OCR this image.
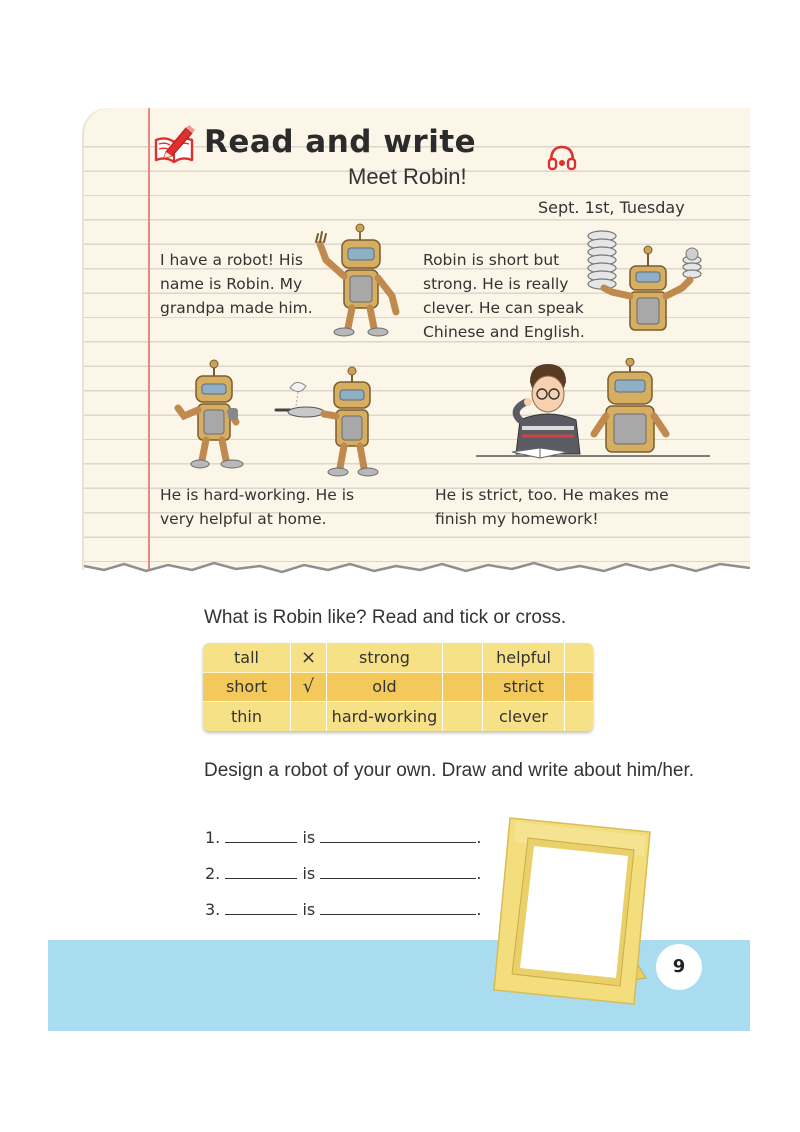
Read and write
Meet Robin!
Sept. 1st, Tuesday
I have a robot! His
name is Robin. My
grandpa made him.
Robin is short but
strong. He is really
clever. He can speak
Chinese and English.
He is hard-working. He is
very helpful at home.
He is strict, too. He makes me
finish my homework!
What is Robin like? Read and tick or cross.
tall	×	strong		helpful	
short	√	old		strict	
thin		hard-working		clever	
Design a robot of your own. Draw and write about him/her.
1.	is	.
2.	is	.
3.	is	.
9
